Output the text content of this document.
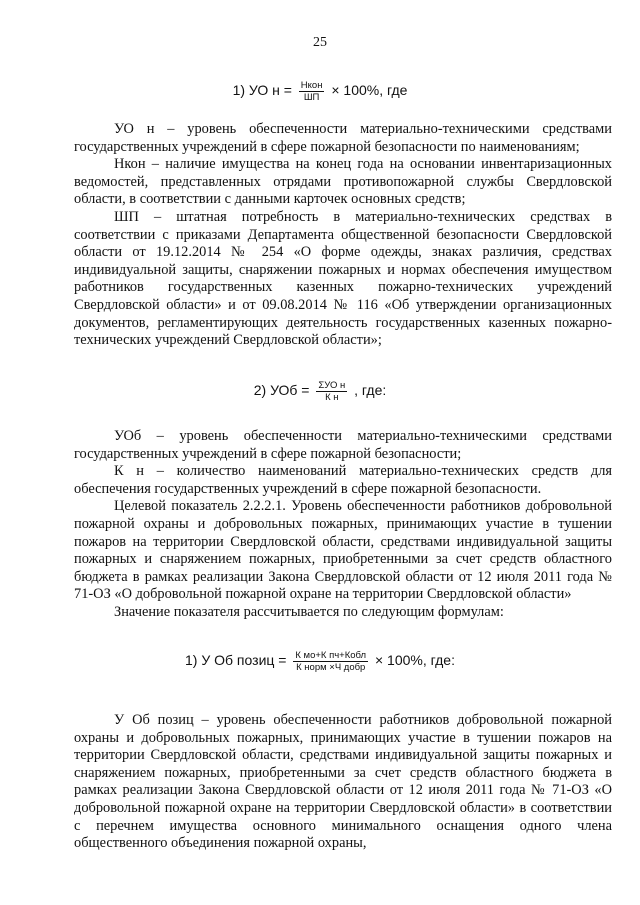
25
1) УО $н = \frac{\text{Нкон}}{ШП} \times 100\%$, где

УО н – уровень обеспеченности материально-техническими средствами государственных учреждений в сфере пожарной безопасности по наименованиям;

Нкон – наличие имущества на конец года на основании инвентаризационных ведомостей, представленных отрядами противопожарной службы Свердловской области, в соответствии с данными карточек основных средств;

ШП – штатная потребность в материально-технических средствах в соответствии с приказами Департамента общественной безопасности Свердловской области от 19.12.2014 № 254 «О форме одежды, знаках различия, средствах индивидуальной защиты, снаряжении пожарных и нормах обеспечения имуществом работников государственных казенных пожарно-технических учреждений Свердловской области» и от 09.08.2014 № 116 «Об утверждении организационных документов, регламентирующих деятельность государственных казенных пожарно-технических учреждений Свердловской области»;

2) УОб = $\frac{\text{ΣУО н}}{\text{К н}}$ , где:

УОб – уровень обеспеченности материально-техническими средствами государственных учреждений в сфере пожарной безопасности;

К н – количество наименований материально-технических средств для обеспечения государственных учреждений в сфере пожарной безопасности.

Целевой показатель 2.2.2.1. Уровень обеспеченности работников добровольной пожарной охраны и добровольных пожарных, принимающих участие в тушении пожаров на территории Свердловской области, средствами индивидуальной защиты пожарных и снаряжением пожарных, приобретенными за счет средств областного бюджета в рамках реализации Закона Свердловской области от 12 июля 2011 года № 71-ОЗ «О добровольной пожарной охране на территории Свердловской области»

Значение показателя рассчитывается по следующим формулам:

1) У Об позиц = $\frac{\text{К мо+К пч+Кобл}}{\text{К норм ×Ч добр}} \times 100\%$, где:

У Об позиц – уровень обеспеченности работников добровольной пожарной охраны и добровольных пожарных, принимающих участие в тушении пожаров на территории Свердловской области, средствами индивидуальной защиты пожарных и снаряжением пожарных, приобретенными за счет средств областного бюджета в рамках реализации Закона Свердловской области от 12 июля 2011 года № 71-ОЗ «О добровольной пожарной охране на территории Свердловской области» в соответствии с перечнем имущества основного минимального оснащения одного члена общественного объединения пожарной охраны,
